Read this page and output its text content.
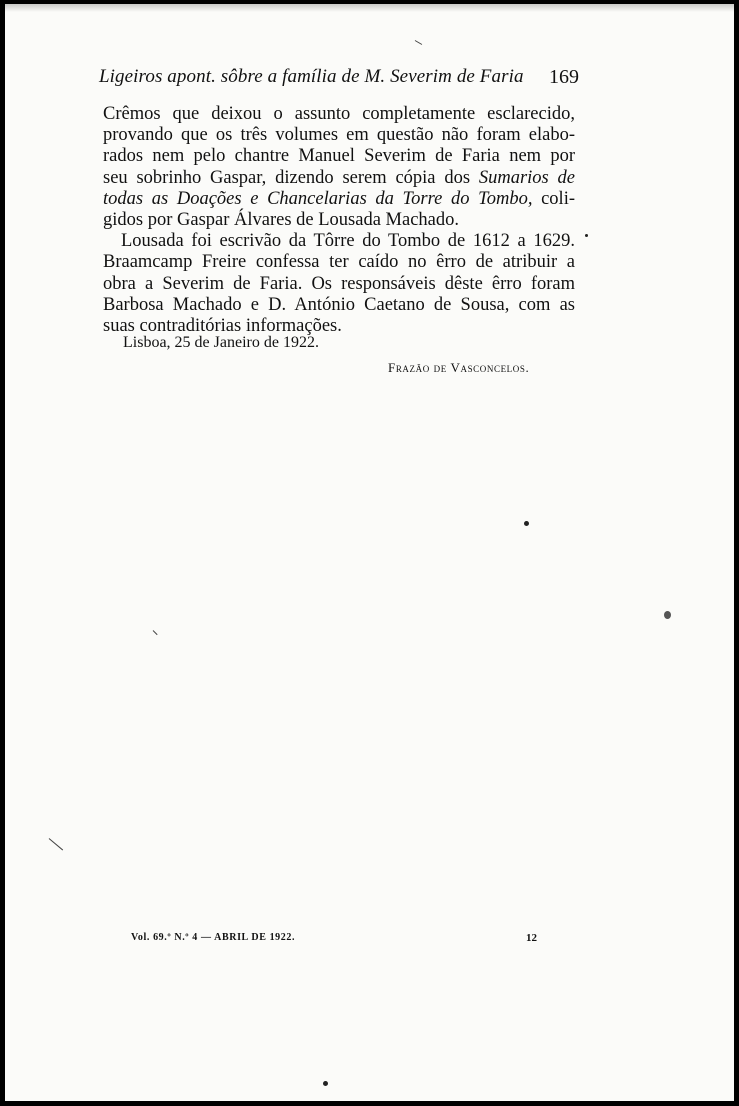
Ligeiros apont. sôbre a família de M. Severim de Faria 169
Crêmos que deixou o assunto completamente esclarecido,
provando que os três volumes em questão não foram elabo-
rados nem pelo chantre Manuel Severim de Faria nem por
seu sobrinho Gaspar, dizendo serem cópia dos Sumarios de
todas as Doações e Chancelarias da Torre do Tombo, coli-
gidos por Gaspar Álvares de Lousada Machado.
Lousada foi escrivão da Tôrre do Tombo de 1612 a 1629.
Braamcamp Freire confessa ter caído no êrro de atribuir a
obra a Severim de Faria. Os responsáveis dêste êrro foram
Barbosa Machado e D. António Caetano de Sousa, com as
suas contraditórias informações.
Lisboa, 25 de Janeiro de 1922.
Frazão de Vasconcelos.
Vol. 69.º N.º 4 — ABRIL DE 1922.	12
